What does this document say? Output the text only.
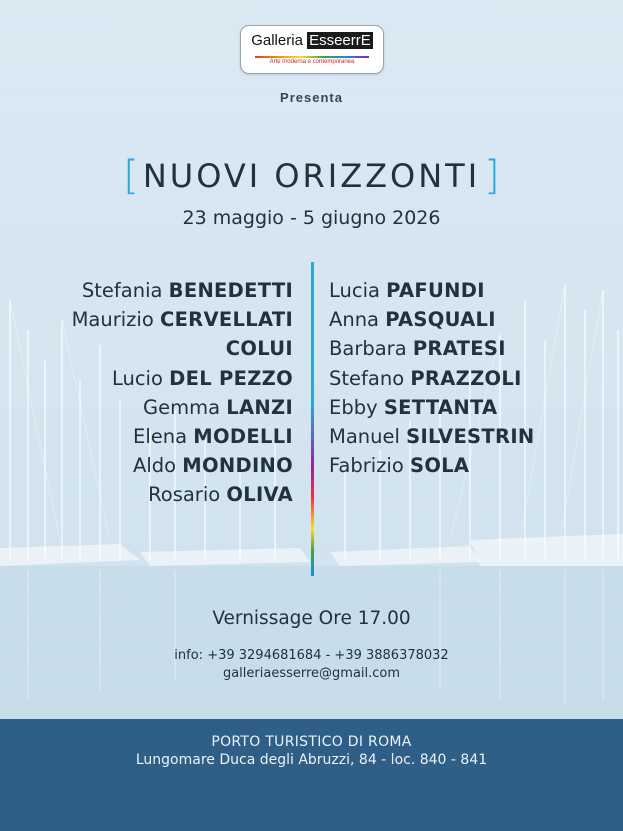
Galleria EsseerrE
Arte moderna e contemporanea
Presenta
[ NUOVI ORIZZONTI ]
23 maggio - 5 giugno 2026
Stefania BENEDETTI
Maurizio CERVELLATI
COLUI
Lucio DEL PEZZO
Gemma LANZI
Elena MODELLI
Aldo MONDINO
Rosario OLIVA
Lucia PAFUNDI
Anna PASQUALI
Barbara PRATESI
Stefano PRAZZOLI
Ebby SETTANTA
Manuel SILVESTRIN
Fabrizio SOLA
Vernissage Ore 17.00
info: +39 3294681684 - +39 3886378032
galleriaesserre@gmail.com
PORTO TURISTICO DI ROMA
Lungomare Duca degli Abruzzi, 84 - loc. 840 - 841
